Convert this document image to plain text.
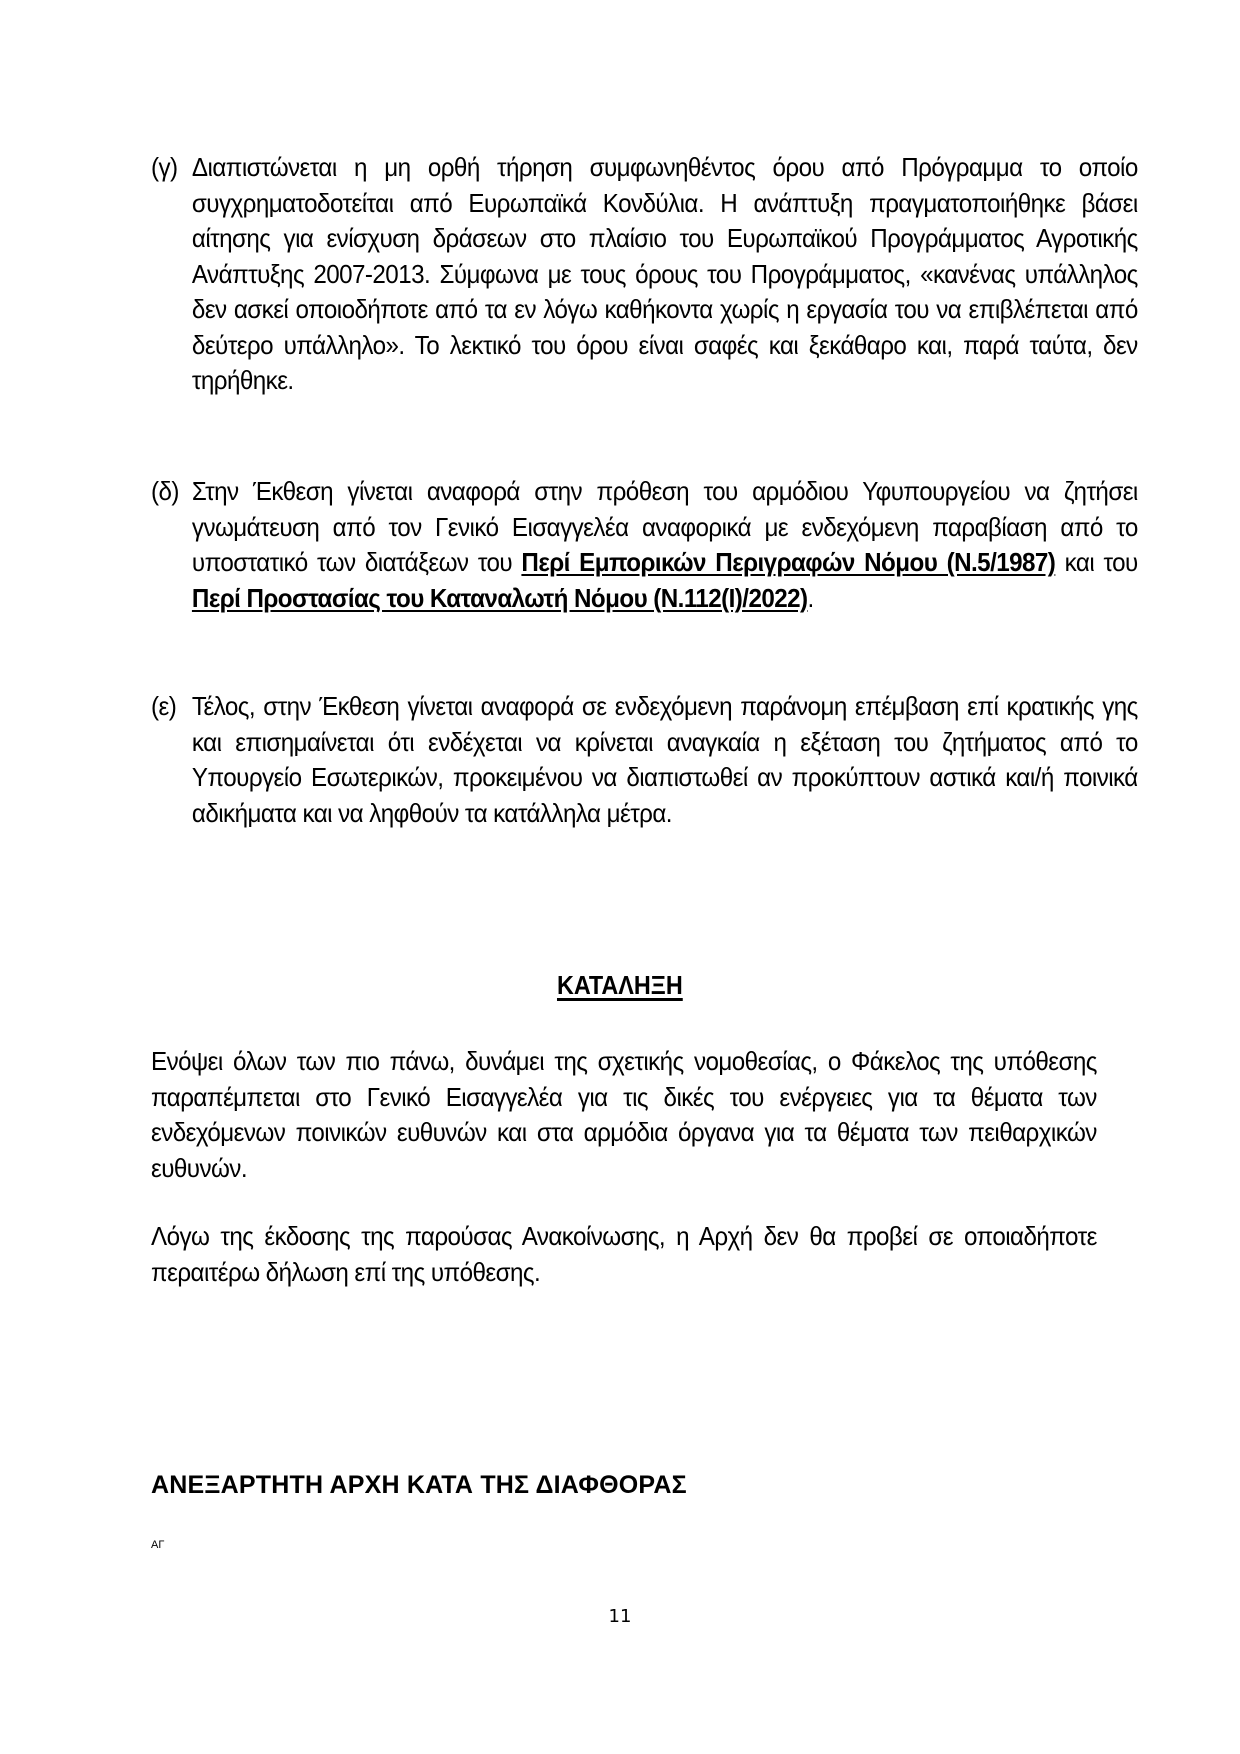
(γ) Διαπιστώνεται η μη ορθή τήρηση συμφωνηθέντος όρου από Πρόγραμμα το οποίο συγχρηματοδοτείται από Ευρωπαϊκά Κονδύλια. Η ανάπτυξη πραγματοποιήθηκε βάσει αίτησης για ενίσχυση δράσεων στο πλαίσιο του Ευρωπαϊκού Προγράμματος Αγροτικής Ανάπτυξης 2007-2013. Σύμφωνα με τους όρους του Προγράμματος, «κανένας υπάλληλος δεν ασκεί οποιοδήποτε από τα εν λόγω καθήκοντα χωρίς η εργασία του να επιβλέπεται από δεύτερο υπάλληλο». Το λεκτικό του όρου είναι σαφές και ξεκάθαρο και, παρά ταύτα, δεν τηρήθηκε.
(δ) Στην Έκθεση γίνεται αναφορά στην πρόθεση του αρμόδιου Υφυπουργείου να ζητήσει γνωμάτευση από τον Γενικό Εισαγγελέα αναφορικά με ενδεχόμενη παραβίαση από το υποστατικό των διατάξεων του Περί Εμπορικών Περιγραφών Νόμου (Ν.5/1987) και του Περί Προστασίας του Καταναλωτή Νόμου (Ν.112(I)/2022).
(ε) Τέλος, στην Έκθεση γίνεται αναφορά σε ενδεχόμενη παράνομη επέμβαση επί κρατικής γης και επισημαίνεται ότι ενδέχεται να κρίνεται αναγκαία η εξέταση του ζητήματος από το Υπουργείο Εσωτερικών, προκειμένου να διαπιστωθεί αν προκύπτουν αστικά και/ή ποινικά αδικήματα και να ληφθούν τα κατάλληλα μέτρα.
ΚΑΤΑΛΗΞΗ
Ενόψει όλων των πιο πάνω, δυνάμει της σχετικής νομοθεσίας, ο Φάκελος της υπόθεσης παραπέμπεται στο Γενικό Εισαγγελέα για τις δικές του ενέργειες για τα θέματα των ενδεχόμενων ποινικών ευθυνών και στα αρμόδια όργανα για τα θέματα των πειθαρχικών ευθυνών.
Λόγω της έκδοσης της παρούσας Ανακοίνωσης, η Αρχή δεν θα προβεί σε οποιαδήποτε περαιτέρω δήλωση επί της υπόθεσης.
ΑΝΕΞΑΡΤΗΤΗ ΑΡΧΗ ΚΑΤΑ ΤΗΣ ΔΙΑΦΘΟΡΑΣ
ΑΓ
11
